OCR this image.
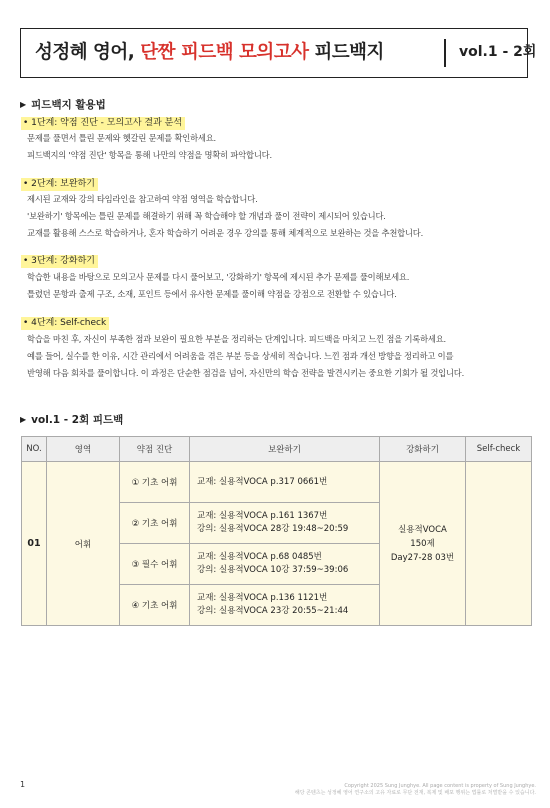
성정혜 영어, 단짠 피드백 모의고사 피드백지	vol.1 - 2회
▶ 피드백지 활용법
• 1단계: 약점 진단 - 모의고사 결과 분석
문제를 풀면서 틀린 문제와 헷갈린 문제를 확인하세요.
피드백지의 '약점 진단' 항목을 통해 나만의 약점을 명확히 파악합니다.
• 2단계: 보완하기
제시된 교재와 강의 타임라인을 참고하여 약점 영역을 학습합니다.
'보완하기' 항목에는 틀린 문제를 해결하기 위해 꼭 학습해야 할 개념과 풀이 전략이 제시되어 있습니다.
교재를 활용해 스스로 학습하거나, 혼자 학습하기 어려운 경우 강의를 통해 체계적으로 보완하는 것을 추천합니다.
• 3단계: 강화하기
학습한 내용을 바탕으로 모의고사 문제를 다시 풀어보고, '강화하기' 항목에 제시된 추가 문제를 풀이해보세요.
틀렸던 문항과 출제 구조, 소재, 포인트 등에서 유사한 문제를 풀이해 약점을 강점으로 전환할 수 있습니다.
• 4단계: Self-check
학습을 마친 후, 자신이 부족한 점과 보완이 필요한 부분을 정리하는 단계입니다. 피드백을 마치고 느낀 점을 기록하세요.
예를 들어, 실수를 한 이유, 시간 관리에서 어려움을 겪은 부분 등을 상세히 적습니다. 느낀 점과 개선 방향을 정리하고 이를
반영해 다음 회차를 풀이합니다. 이 과정은 단순한 점검을 넘어, 자신만의 학습 전략을 발견시키는 중요한 기회가 될 것입니다.
▶ vol.1 - 2회 피드백
NO.	영역	약점 진단	보완하기	강화하기	Self-check
01	어휘	① 기초 어휘	교재: 실용적VOCA p.317 0661번	실용적VOCA
150제
Day27-28 03번	

		② 기초 어휘	교재: 실용적VOCA p.161 1367번
강의: 실용적VOCA 28강 19:48~20:59		

		③ 필수 어휘	교재: 실용적VOCA p.68 0485번
강의: 실용적VOCA 10강 37:59~39:06		

		④ 기초 어휘	교재: 실용적VOCA p.136 1121번
강의: 실용적VOCA 23강 20:55~21:44		
1	Copyright 2025 Sung Junghye. All page content is property of Sung Junghye.
해당 콘텐츠는 성정혜 영어 연구소의 고유 자료로 무단 전재, 복제 및 배포 행위는 법률로 처벌받을 수 있습니다.
